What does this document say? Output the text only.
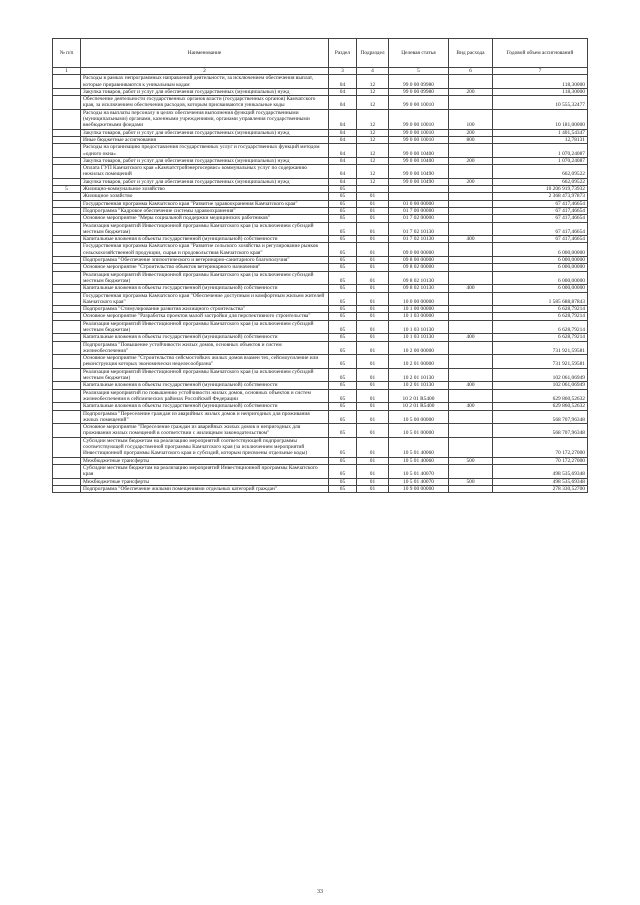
№ п/п	Наименование	Раздел	Подраздел	Целевая статья	Вид расхода	Годовой объем ассигнований
1	2	3	4	5	6	7
	Расходы в рамках непрограммных направлений деятельности, за исключением обеспечения выплат, которые приравниваются к уникальным кодам	04	12	99 0 00 09980		118,30000
	Закупка товаров, работ и услуг для обеспечения государственных (муниципальных) нужд	04	12	99 0 00 09980	200	118,30000
	Обеспечение деятельности государственных органов власти (государственных органов) Камчатского края, за исключением обеспечения расходов, которым присваиваются уникальные коды	04	12	99 0 00 10010		10 555,32477
	Расходы на выплаты персоналу в целях обеспечения выполнения функций государственными (муниципальными) органами, казенными учреждениями, органами управления государственными внебюджетными фондами	04	12	99 0 00 10010	100	10 181,00000
	Закупка товаров, работ и услуг для обеспечения государственных (муниципальных) нужд	04	12	99 0 00 10010	200	1 401,54347
	Иные бюджетные ассигнования	04	12	99 0 00 10010	800	12,78131
	Расходы на организацию предоставления государственных услуг и государственных функций методом «одного окна»	04	12	99 0 00 10400		1 070,24087
	Закупка товаров, работ и услуг для обеспечения государственных (муниципальных) нужд	04	12	99 0 00 10400	200	1 070,24087
	Оплата ГУП Камчатского края «Камчатстройэнергосервис» коммунальных услуг по содержанию нежилых помещений	04	12	99 0 00 10490		662,09522
	Закупка товаров, работ и услуг для обеспечения государственных (муниципальных) нужд	04	12	99 0 00 10490	200	662,09522
5	Жилищно-коммунальное хозяйство	05				10 206 919,73932
	Жилищное хозяйство	05	01			2 368 473,97873
	Государственная программа Камчатского края "Развитие здравоохранения Камчатского края"	05	01	01 0 00 00000		67 417,46654
	Подпрограмма "Кадровое обеспечение системы здравоохранения"	05	01	01 7 00 00000		67 417,46654
	Основное мероприятие "Меры социальной поддержки медицинских работников"	05	01	01 7 02 00000		67 417,46654
	Реализация мероприятий Инвестиционной программы Камчатского края (за исключением субсидий местным бюджетам)	05	01	01 7 02 10130		67 417,46654
	Капитальные вложения в объекты государственной (муниципальной) собственности	05	01	01 7 02 10130	400	67 417,46654
	Государственная программа Камчатского края "Развитие сельского хозяйства и регулирование рынков сельскохозяйственной продукции, сырья и продовольствия Камчатского края"	05	01	09 0 00 00000		6 000,00000
	Подпрограмма "Обеспечение эпизоотического и ветеринарно-санитарного благополучия"	05	01	09 8 00 00000		6 000,00000
	Основное мероприятие "Строительство объектов ветеринарного назначения"	05	01	09 8 02 00000		6 000,00000
	Реализация мероприятий Инвестиционной программы Камчатского края (за исключением субсидий местным бюджетам)	05	01	09 8 02 10130		6 000,00000
	Капитальные вложения в объекты государственной (муниципальной) собственности	05	01	09 8 02 10130	400	6 000,00000
	Государственная программа Камчатского края "Обеспечение доступным и комфортным жильем жителей Камчатского края"	05	01	10 0 00 00000		1 585 688,87843
	Подпрограмма "Стимулирование развития жилищного строительства"	05	01	10 1 00 00000		6 628,79214
	Основное мероприятие "Разработка проектов малой застройки для перспективного строительства"	05	01	10 1 03 00000		6 628,79214
	Реализация мероприятий Инвестиционной программы Камчатского края (за исключением субсидий местным бюджетам)	05	01	10 1 03 10130		6 628,79214
	Капитальные вложения в объекты государственной (муниципальной) собственности	05	01	10 1 03 10130	400	6 628,79214
	Подпрограмма "Повышение устойчивости жилых домов, основных объектов и систем жизнеобеспечения"	05	01	10 2 00 00000		731 921,59581
	Основное мероприятие "Строительство сейсмостойких жилых домов взамен тех, сейсмоусиление или реконструкция которых экономически нецелесообразна"	05	01	10 2 01 00000		731 921,59581
	Реализация мероприятий Инвестиционной программы Камчатского края (за исключением субсидий местным бюджетам)	05	01	10 2 01 10130		102 061,06949
	Капитальные вложения в объекты государственной (муниципальной) собственности	05	01	10 2 01 10130	400	102 061,06949
	Реализация мероприятий по повышению устойчивости жилых домов, основных объектов и систем жизнеобеспечения в сейсмических районах Российской Федерации	05	01	10 2 01 R5400		629 860,52632
	Капитальные вложения в объекты государственной (муниципальной) собственности	05	01	10 2 01 R5400	400	629 860,52632
	Подпрограмма "Переселение граждан из аварийных жилых домов и непригодных для проживания жилых помещений"	05	01	10 5 00 00000		568 707,96348
	Основное мероприятие "Переселение граждан из аварийных жилых домов и непригодных для проживания жилых помещений в соответствии с жилищным законодательством"	05	01	10 5 01 00000		568 707,96348
	Субсидии местным бюджетам на реализацию мероприятий соответствующей подпрограммы соответствующей государственной программы Камчатского края (за исключением мероприятий Инвестиционной программы Камчатского края и субсидий, которым присвоены отдельные коды)	05	01	10 5 01 40060		70 172,27000
	Межбюджетные трансферты	05	01	10 5 01 40060	500	70 172,27000
	Субсидии местным бюджетам на реализацию мероприятий Инвестиционной программы Камчатского края	05	01	10 5 01 40070		498 535,69348
	Межбюджетные трансферты	05	01	10 5 01 40070	500	498 535,69348
	Подпрограмма "Обеспечение жилыми помещениями отдельных категорий граждан"	05	01	10 9 00 00000		278 330,52700
33
